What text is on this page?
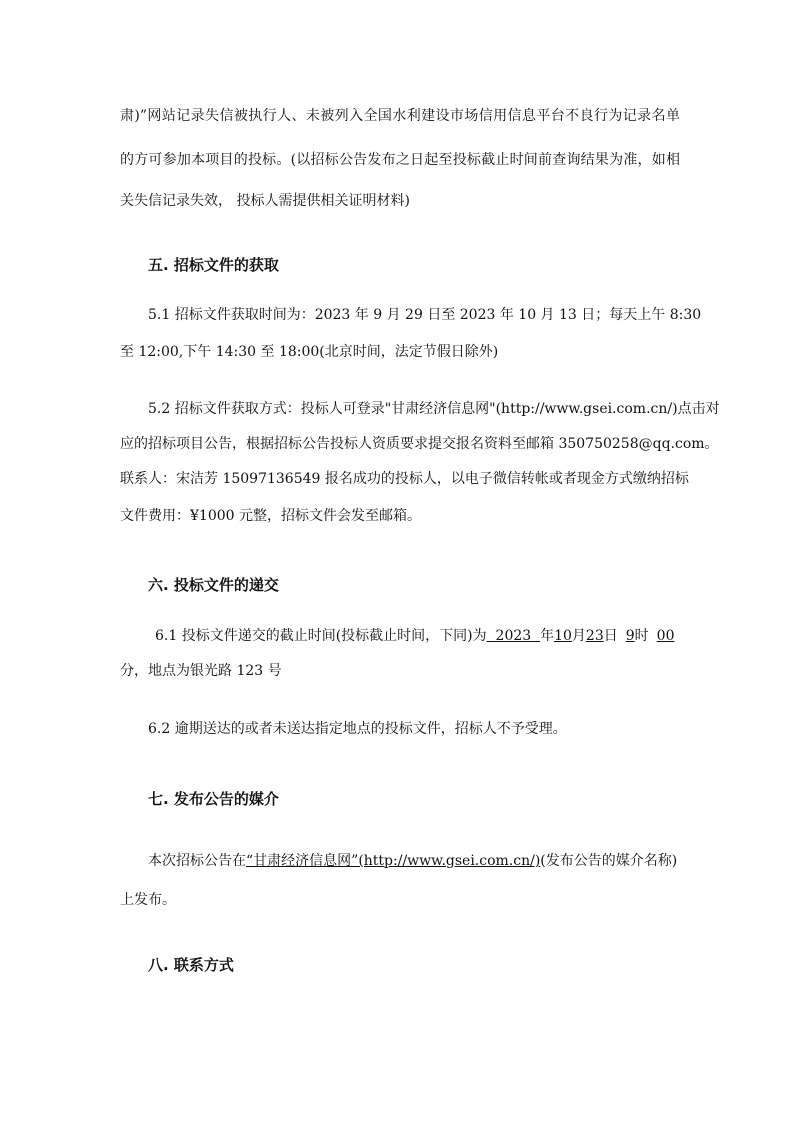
肃)”网站记录失信被执行人、未被列入全国水利建设市场信用信息平台不良行为记录名单
的方可参加本项目的投标。(以招标公告发布之日起至投标截止时间前查询结果为准，如相
关失信记录失效， 投标人需提供相关证明材料)
五. 招标文件的获取
5.1 招标文件获取时间为：2023 年 9 月 29 日至 2023 年 10 月 13 日；每天上午 8:30
至 12:00,下午 14:30 至 18:00(北京时间，法定节假日除外)
5.2 招标文件获取方式：投标人可登录"甘肃经济信息网"(http://www.gsei.com.cn/)点击对
应的招标项目公告，根据招标公告投标人资质要求提交报名资料至邮箱 350750258@qq.com。
联系人：宋洁芳 15097136549 报名成功的投标人，以电子微信转帐或者现金方式缴纳招标
文件费用：¥1000 元整，招标文件会发至邮箱。
六. 投标文件的递交
6.1 投标文件递交的截止时间(投标截止时间，下同)为  2023  年10月23日 9时 00
分，地点为银光路 123 号
6.2 逾期送达的或者未送达指定地点的投标文件，招标人不予受理。
七. 发布公告的媒介
本次招标公告在“甘肃经济信息网”(http://www.gsei.com.cn/)(发布公告的媒介名称)
上发布。
八. 联系方式
